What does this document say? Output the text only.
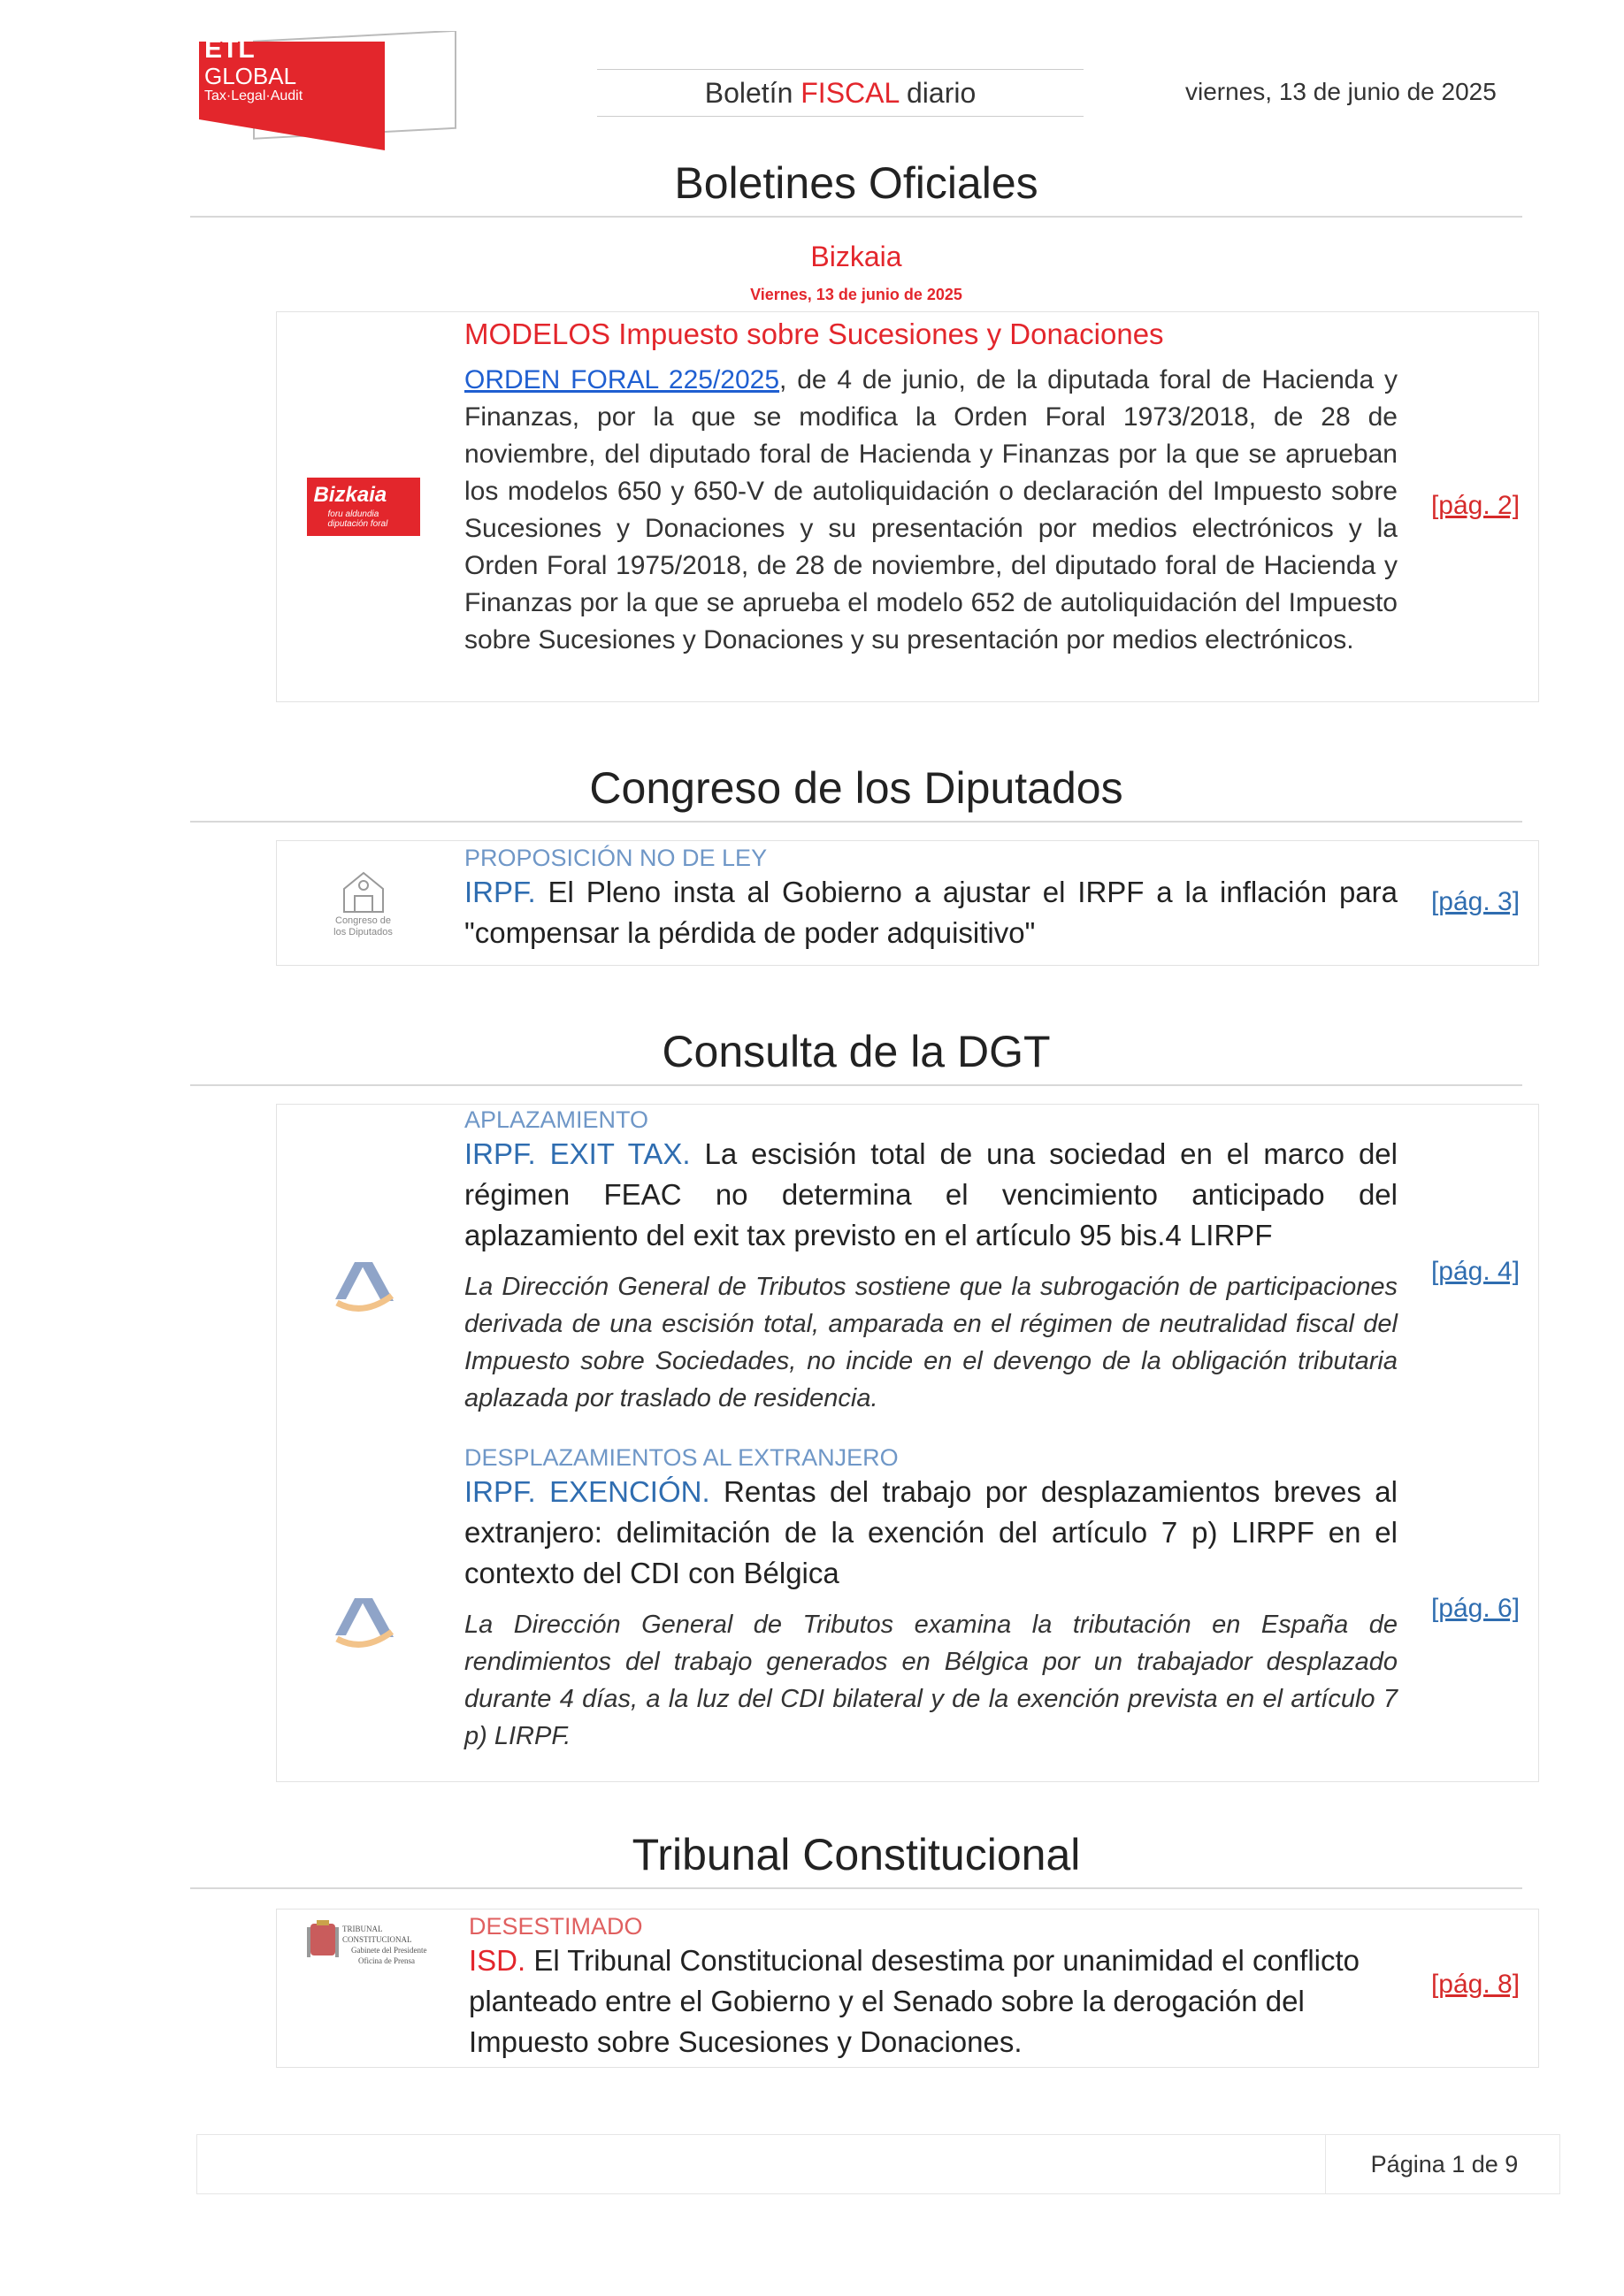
ETL
GLOBAL
Tax·Legal·Audit	Boletín FISCAL diario	viernes, 13 de junio de 2025
Boletines Oficiales
Bizkaia
Viernes, 13 de junio de 2025
Bizkaia
foru aldundia
diputación foral
MODELOS Impuesto sobre Sucesiones y Donaciones
ORDEN FORAL 225/2025, de 4 de junio, de la diputada foral de Hacienda y Finanzas, por la que se modifica la Orden Foral 1973/2018, de 28 de noviembre, del diputado foral de Hacienda y Finanzas por la que se aprueban los modelos 650 y 650-V de autoliquidación o declaración del Impuesto sobre Sucesiones y Donaciones y su presentación por medios electrónicos y la Orden Foral 1975/2018, de 28 de noviembre, del diputado foral de Hacienda y Finanzas por la que se aprueba el modelo 652 de autoliquidación del Impuesto sobre Sucesiones y Donaciones y su presentación por medios electrónicos.
[pág. 2]
Congreso de los Diputados
Congreso de
los Diputados
PROPOSICIÓN NO DE LEY
IRPF. El Pleno insta al Gobierno a ajustar el IRPF a la inflación para "compensar la pérdida de poder adquisitivo"
[pág. 3]
Consulta de la DGT
APLAZAMIENTO
IRPF. EXIT TAX. La escisión total de una sociedad en el marco del régimen FEAC no determina el vencimiento anticipado del aplazamiento del exit tax previsto en el artículo 95 bis.4 LIRPF
La Dirección General de Tributos sostiene que la subrogación de participaciones derivada de una escisión total, amparada en el régimen de neutralidad fiscal del Impuesto sobre Sociedades, no incide en el devengo de la obligación tributaria aplazada por traslado de residencia.
[pág. 4]
DESPLAZAMIENTOS AL EXTRANJERO
IRPF. EXENCIÓN. Rentas del trabajo por desplazamientos breves al extranjero: delimitación de la exención del artículo 7 p) LIRPF en el contexto del CDI con Bélgica
La Dirección General de Tributos examina la tributación en España de rendimientos del trabajo generados en Bélgica por un trabajador desplazado durante 4 días, a la luz del CDI bilateral y de la exención prevista en el artículo 7 p) LIRPF.
[pág. 6]
Tribunal Constitucional
TRIBUNAL CONSTITUCIONAL
Gabinete del Presidente
Oficina de Prensa
DESESTIMADO
ISD. El Tribunal Constitucional desestima por unanimidad el conflicto planteado entre el Gobierno y el Senado sobre la derogación del Impuesto sobre Sucesiones y Donaciones.
[pág. 8]
Página 1 de 9
